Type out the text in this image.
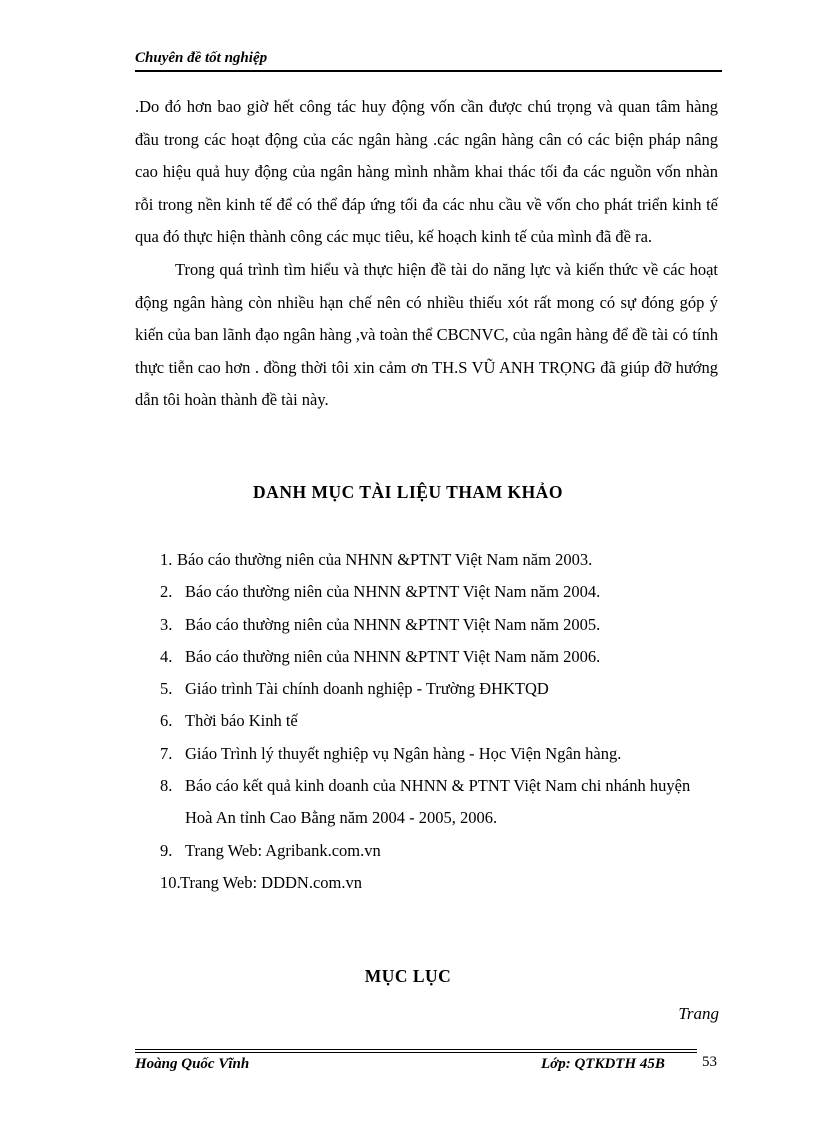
Chuyên đề tốt nghiệp

.Do đó hơn bao giờ hết công tác huy động vốn cần được chú trọng và quan tâm hàng đầu trong các hoạt động của các ngân hàng .các ngân hàng cân có các biện pháp nâng cao hiệu quả huy động của ngân hàng mình nhằm khai thác tối đa các nguồn vốn nhàn rỗi trong nền kinh tế để có thể đáp ứng tối đa các nhu cầu về vốn cho phát triển kinh tế qua đó thực hiện thành công các mục tiêu, kế hoạch kinh tế của mình đã đề ra.

Trong quá trình tìm hiểu và thực hiện đề tài do năng lực và kiến thức về các hoạt động ngân hàng còn nhiều hạn chế nên có nhiều thiếu xót rất mong có sự đóng góp ý kiến của ban lãnh đạo ngân hàng ,và toàn thể CBCNVC, của ngân hàng để đề tài có tính thực tiễn cao hơn . đồng thời tôi xin cảm ơn TH.S VŨ ANH TRỌNG đã giúp đỡ hướng dẫn tôi hoàn thành đề tài này.

DANH MỤC TÀI LIỆU THAM KHẢO
1. Báo cáo thường niên của NHNN &PTNT Việt Nam năm 2003.
2. Báo cáo thường niên của NHNN &PTNT Việt Nam năm 2004.
3. Báo cáo thường niên của NHNN &PTNT Việt Nam năm 2005.
4. Báo cáo thường niên của NHNN &PTNT Việt Nam năm 2006.
5. Giáo trình Tài chính doanh nghiệp - Trường ĐHKTQD
6. Thời báo Kinh tế
7. Giáo Trình lý thuyết nghiệp vụ Ngân hàng - Học Viện Ngân hàng.
8. Báo cáo kết quả kinh doanh của NHNN & PTNT Việt Nam chi nhánh huyện Hoà An tỉnh Cao Bằng năm 2004 - 2005, 2006.
9. Trang Web: Agribank.com.vn
10. Trang Web: DDDN.com.vn
MỤC LỤC
Trang
Hoàng Quốc Vĩnh	Lớp: QTKDTH 45B 53
